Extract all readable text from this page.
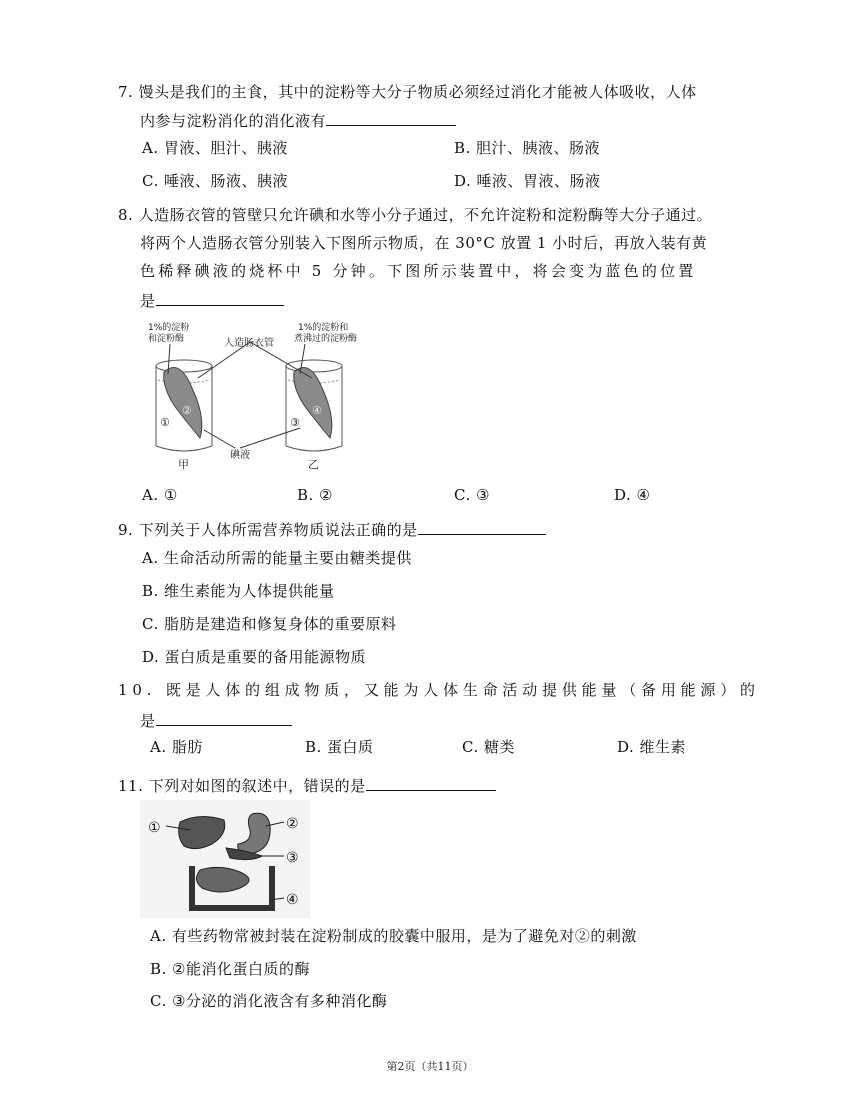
7. 馒头是我们的主食，其中的淀粉等大分子物质必须经过消化才能被人体吸收，人体
内参与淀粉消化的消化液有
A. 胃液、胆汁、胰液	B. 胆汁、胰液、肠液
C. 唾液、肠液、胰液	D. 唾液、胃液、肠液
8. 人造肠衣管的管壁只允许碘和水等小分子通过，不允许淀粉和淀粉酶等大分子通过。
将两个人造肠衣管分别装入下图所示物质，在 30°C 放置 1 小时后，再放入装有黄
色稀释碘液的烧杯中 5 分钟。下图所示装置中，将会变为蓝色的位置
是
1%的淀粉
和淀粉酶	人造肠衣管
1%的淀粉和
煮沸过的淀粉酶
①
②
③
④
碘液
甲	乙
A. ①	B. ②	C. ③	D. ④
9. 下列关于人体所需营养物质说法正确的是
A. 生命活动所需的能量主要由糖类提供
B. 维生素能为人体提供能量
C. 脂肪是建造和修复身体的重要原料
D. 蛋白质是重要的备用能源物质
10. 既是人体的组成物质，又能为人体生命活动提供能量（备用能源）的
是
A. 脂肪	B. 蛋白质	C. 糖类	D. 维生素
11. 下列对如图的叙述中，错误的是
①	②
③
④
A. 有些药物常被封装在淀粉制成的胶囊中服用，是为了避免对②的刺激
B. ②能消化蛋白质的酶
C. ③分泌的消化液含有多种消化酶
第2页（共11页）
